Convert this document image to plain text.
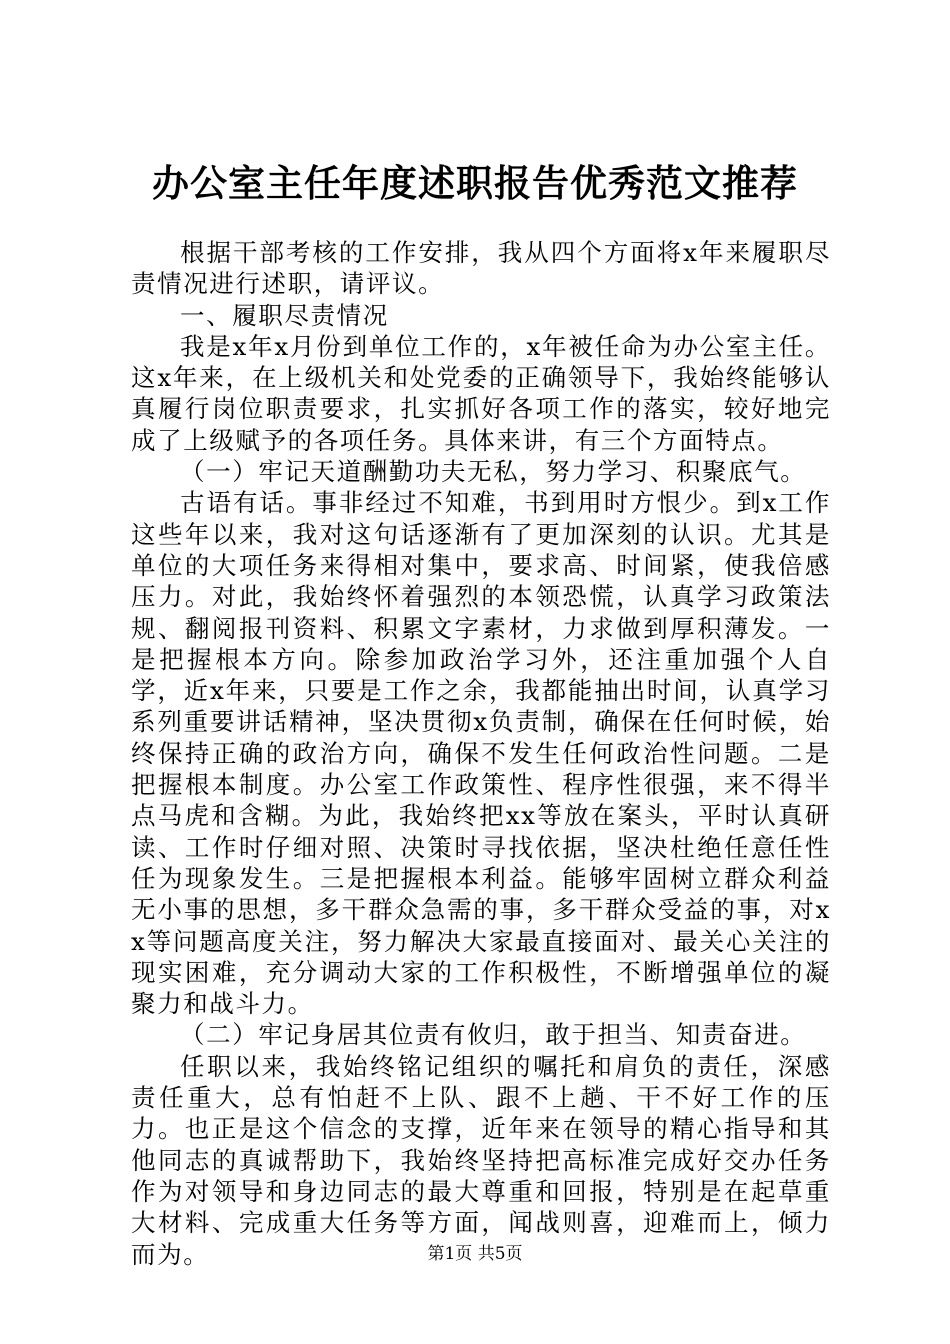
办公室主任年度述职报告优秀范文推荐

根据干部考核的工作安排，我从四个方面将x年来履职尽责情况进行述职，请评议。

一、履职尽责情况

我是x年x月份到单位工作的，x年被任命为办公室主任。这x年来，在上级机关和处党委的正确领导下，我始终能够认真履行岗位职责要求，扎实抓好各项工作的落实，较好地完成了上级赋予的各项任务。具体来讲，有三个方面特点。

（一）牢记天道酬勤功夫无私，努力学习、积聚底气。

古语有话。事非经过不知难，书到用时方恨少。到x工作这些年以来，我对这句话逐渐有了更加深刻的认识。尤其是单位的大项任务来得相对集中，要求高、时间紧，使我倍感压力。对此，我始终怀着强烈的本领恐慌，认真学习政策法规、翻阅报刊资料、积累文字素材，力求做到厚积薄发。一是把握根本方向。除参加政治学习外，还注重加强个人自学，近x年来，只要是工作之余，我都能抽出时间，认真学习系列重要讲话精神，坚决贯彻x负责制，确保在任何时候，始终保持正确的政治方向，确保不发生任何政治性问题。二是把握根本制度。办公室工作政策性、程序性很强，来不得半点马虎和含糊。为此，我始终把xx等放在案头，平时认真研读、工作时仔细对照、决策时寻找依据，坚决杜绝任意任性任为现象发生。三是把握根本利益。能够牢固树立群众利益无小事的思想，多干群众急需的事，多干群众受益的事，对xx等问题高度关注，努力解决大家最直接面对、最关心关注的现实困难，充分调动大家的工作积极性，不断增强单位的凝聚力和战斗力。

（二）牢记身居其位责有攸归，敢于担当、知责奋进。

任职以来，我始终铭记组织的嘱托和肩负的责任，深感责任重大，总有怕赶不上队、跟不上趟、干不好工作的压力。也正是这个信念的支撑，近年来在领导的精心指导和其他同志的真诚帮助下，我始终坚持把高标准完成好交办任务作为对领导和身边同志的最大尊重和回报，特别是在起草重大材料、完成重大任务等方面，闻战则喜，迎难而上，倾力而为。	第1页 共5页
